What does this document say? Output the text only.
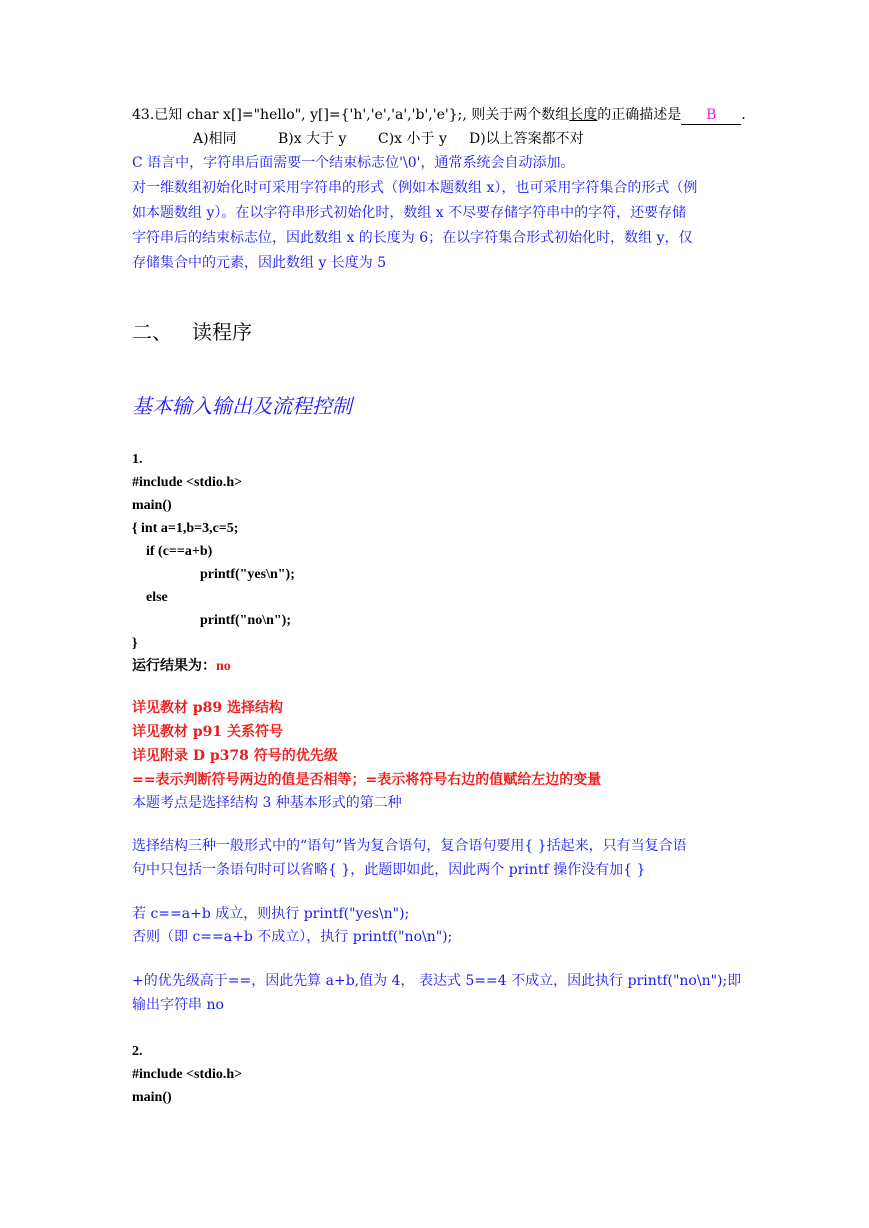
43.已知 char x[]="hello", y[]={'h','e','a','b','e'};, 则关于两个数组长度的正确描述是 B .
A)相同	B)x 大于 y C)x 小于 y D)以上答案都不对
C 语言中，字符串后面需要一个结束标志位'\0'，通常系统会自动添加。
对一维数组初始化时可采用字符串的形式（例如本题数组 x），也可采用字符集合的形式（例
如本题数组 y）。在以字符串形式初始化时，数组 x 不尽要存储字符串中的字符，还要存储
字符串后的结束标志位，因此数组 x 的长度为 6；在以字符集合形式初始化时，数组 y，仅
存储集合中的元素，因此数组 y 长度为 5
二、 读程序
基本输入输出及流程控制
1.
#include <stdio.h>
main()
{ int a=1,b=3,c=5;
if (c==a+b)
printf("yes\n");
else
printf("no\n");
}
运行结果为：no
详见教材 p89 选择结构
详见教材 p91 关系符号
详见附录 D p378 符号的优先级
==表示判断符号两边的值是否相等；=表示将符号右边的值赋给左边的变量
本题考点是选择结构 3 种基本形式的第二种
选择结构三种一般形式中的“语句”皆为复合语句，复合语句要用{ }括起来，只有当复合语
句中只包括一条语句时可以省略{ }，此题即如此，因此两个 printf 操作没有加{ }
若 c==a+b 成立，则执行 printf("yes\n");
否则（即 c==a+b 不成立），执行 printf("no\n");
+的优先级高于==，因此先算 a+b,值为 4， 表达式 5==4 不成立，因此执行 printf("no\n");即
输出字符串 no
2.
#include <stdio.h>
main()
